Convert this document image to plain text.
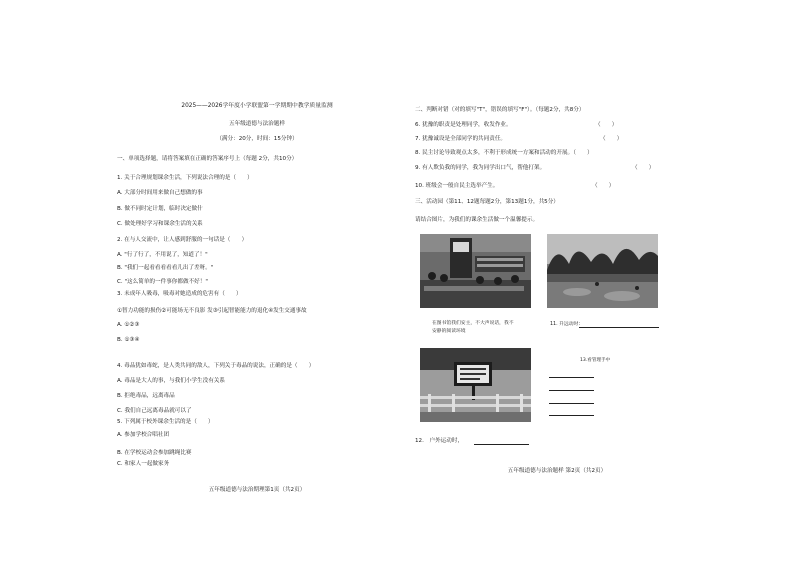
2025——2026学年度小学联盟第一学期期中教学质量监测
五年级道德与法治题样
（满分：20分，时间：15分钟）
一、单项选择题，请将答案填在正确的答案序号上（每题 2分，共10分）
1. 关于合理规划课余生活，下列说法合理的是（　　）
A. 大部分时间用来做自己想做的事
B. 做不同时定计划，临时决定做什
C. 做处理好学习和课余生活的关系
2. 在与人交流中，让人感到舒服的一句话是（　　）
A. "行了行了，不用说了，知道了！"
B. "我们一起看看看看看儿出了差呀。"
C. "这么简单的一件事你都做不好！"
3. 未成年人吸毒，吸毒对她造成的危害有（　　）
①智力功能的损伤②可能场无不良影 发③引起智能能力的退化④发生交通事故
A. ①②③
B. ①③④
4. 毒品犹如毒蛇，是人类共同的敌人，下列关于毒品的说法，正确的是（　　）
A. 毒品是大人的事，与我们小学生没有关系
B. 拒绝毒品，远离毒品
C. 我们自己远离毒品就可以了
5. 下列属于校外课余生活的是（　　）
A. 参加学校合唱社团
B. 在学校运动会参加跳绳比赛
C. 和家人一起做家务
五年级道德与法治期理第1页（共2页）
二、判断对错（对的填写"T"，错误的填写"F"）。（每题2分，共8分）
6. 犹豫的职责是处理同学，收发作业。	（　　）
7. 犹豫诚设是全部同学的共同责任。	（　　）
8. 民主讨论导致观点太多，不利于形成统一方案和活动的开展。（　　）
9. 有人欺负我的同学，我为同学出口气，帮他打架。	（　　）
10. 班级会一般自民主选举产生。	（　　）
三、活动园（第11、12题每题2分，第13题1分，共5分）
请结合图片，为我们的课余生活做一个温馨提示。
在图书馆我们安主，不大声说话，我不
安静的阅读环境
11. 升远动时：
13.看管理手中
12.　户外运动时，
五年级道德与法治题样 第2页（共2页）
